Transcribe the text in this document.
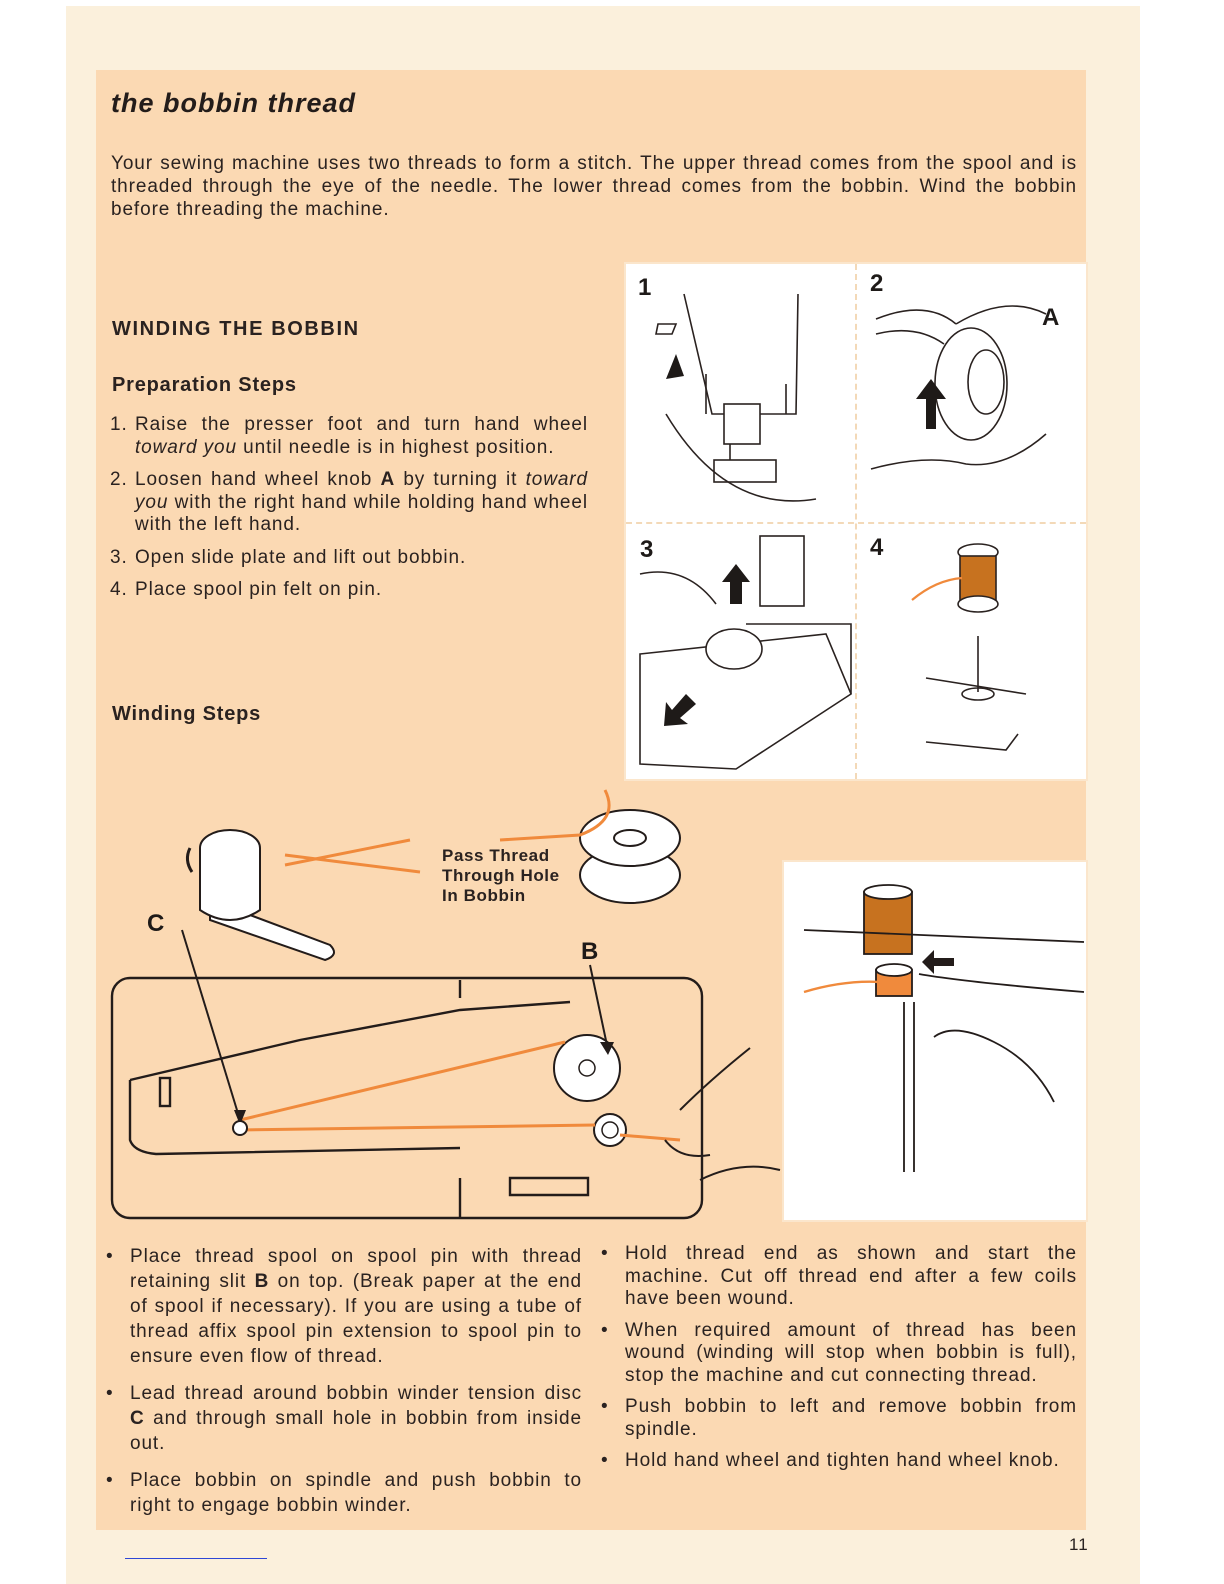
the bobbin thread

Your sewing machine uses two threads to form a stitch. The upper thread comes from the spool and is threaded through the eye of the needle. The lower thread comes from the bobbin. Wind the bobbin before threading the machine.

WINDING THE BOBBIN
Preparation Steps
1. Raise the presser foot and turn hand wheel toward you until needle is in highest position.
2. Loosen hand wheel knob A by turning it toward you with the right hand while holding hand wheel with the left hand.
3. Open slide plate and lift out bobbin.
4. Place spool pin felt on pin.
Winding Steps
1	2
3	4
A
Pass Thread Through Hole In Bobbin
B
C
• Place thread spool on spool pin with thread retaining slit B on top. (Break paper at the end of spool if necessary). If you are using a tube of thread affix spool pin extension to spool pin to ensure even flow of thread.
• Lead thread around bobbin winder tension disc C and through small hole in bobbin from inside out.
• Place bobbin on spindle and push bobbin to right to engage bobbin winder.
• Hold thread end as shown and start the machine. Cut off thread end after a few coils have been wound.
• When required amount of thread has been wound (winding will stop when bobbin is full), stop the machine and cut connecting thread.
• Push bobbin to left and remove bobbin from spindle.
• Hold hand wheel and tighten hand wheel knob.
11
